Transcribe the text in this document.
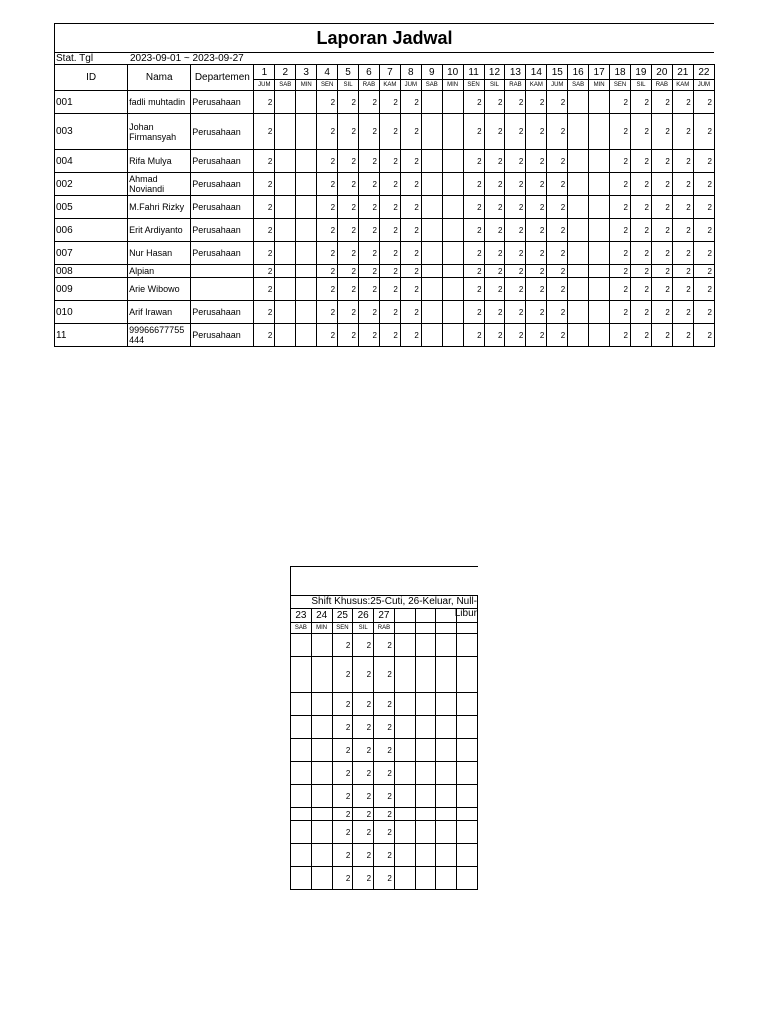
Laporan Jadwal
Stat. Tgl	2023-09-01 ~ 2023-09-27
ID	Nama	Departemen	1	2	3	4	5	6	7	8	9	10	11	12	13	14	15	16	17	18	19	20	21	22
			JUM	SAB	MIN	SEN	SIL	RAB	KAM	JUM	SAB	MIN	SEN	SIL	RAB	KAM	JUM	SAB	MIN	SEN	SIL	RAB	KAM	JUM
001	fadli muhtadin	Perusahaan	2			2	2	2	2	2			2	2	2	2	2			2	2	2	2	2
003	Johan Firmansyah	Perusahaan	2			2	2	2	2	2			2	2	2	2	2			2	2	2	2	2
004	Rifa Mulya	Perusahaan	2			2	2	2	2	2			2	2	2	2	2			2	2	2	2	2
002	Ahmad Noviandi	Perusahaan	2			2	2	2	2	2			2	2	2	2	2			2	2	2	2	2
005	M.Fahri Rizky	Perusahaan	2			2	2	2	2	2			2	2	2	2	2			2	2	2	2	2
006	Erit Ardiyanto	Perusahaan	2			2	2	2	2	2			2	2	2	2	2			2	2	2	2	2
007	Nur Hasan	Perusahaan	2			2	2	2	2	2			2	2	2	2	2			2	2	2	2	2
008	Alpian		2			2	2	2	2	2			2	2	2	2	2			2	2	2	2	2
009	Arie Wibowo		2			2	2	2	2	2			2	2	2	2	2			2	2	2	2	2
010	Arif Irawan	Perusahaan	2			2	2	2	2	2			2	2	2	2	2			2	2	2	2	2
11	99966677755 444	Perusahaan	2			2	2	2	2	2			2	2	2	2	2			2	2	2	2	2
Shift Khusus:25-Cuti, 26-Keluar, Null-Libur
23	24	25	26	27				
SAB	MIN	SEN	SIL	RAB				
		2	2	2				
		2	2	2				
		2	2	2				
		2	2	2				
		2	2	2				
		2	2	2				
		2	2	2				
		2	2	2				
		2	2	2				
		2	2	2				
		2	2	2				
